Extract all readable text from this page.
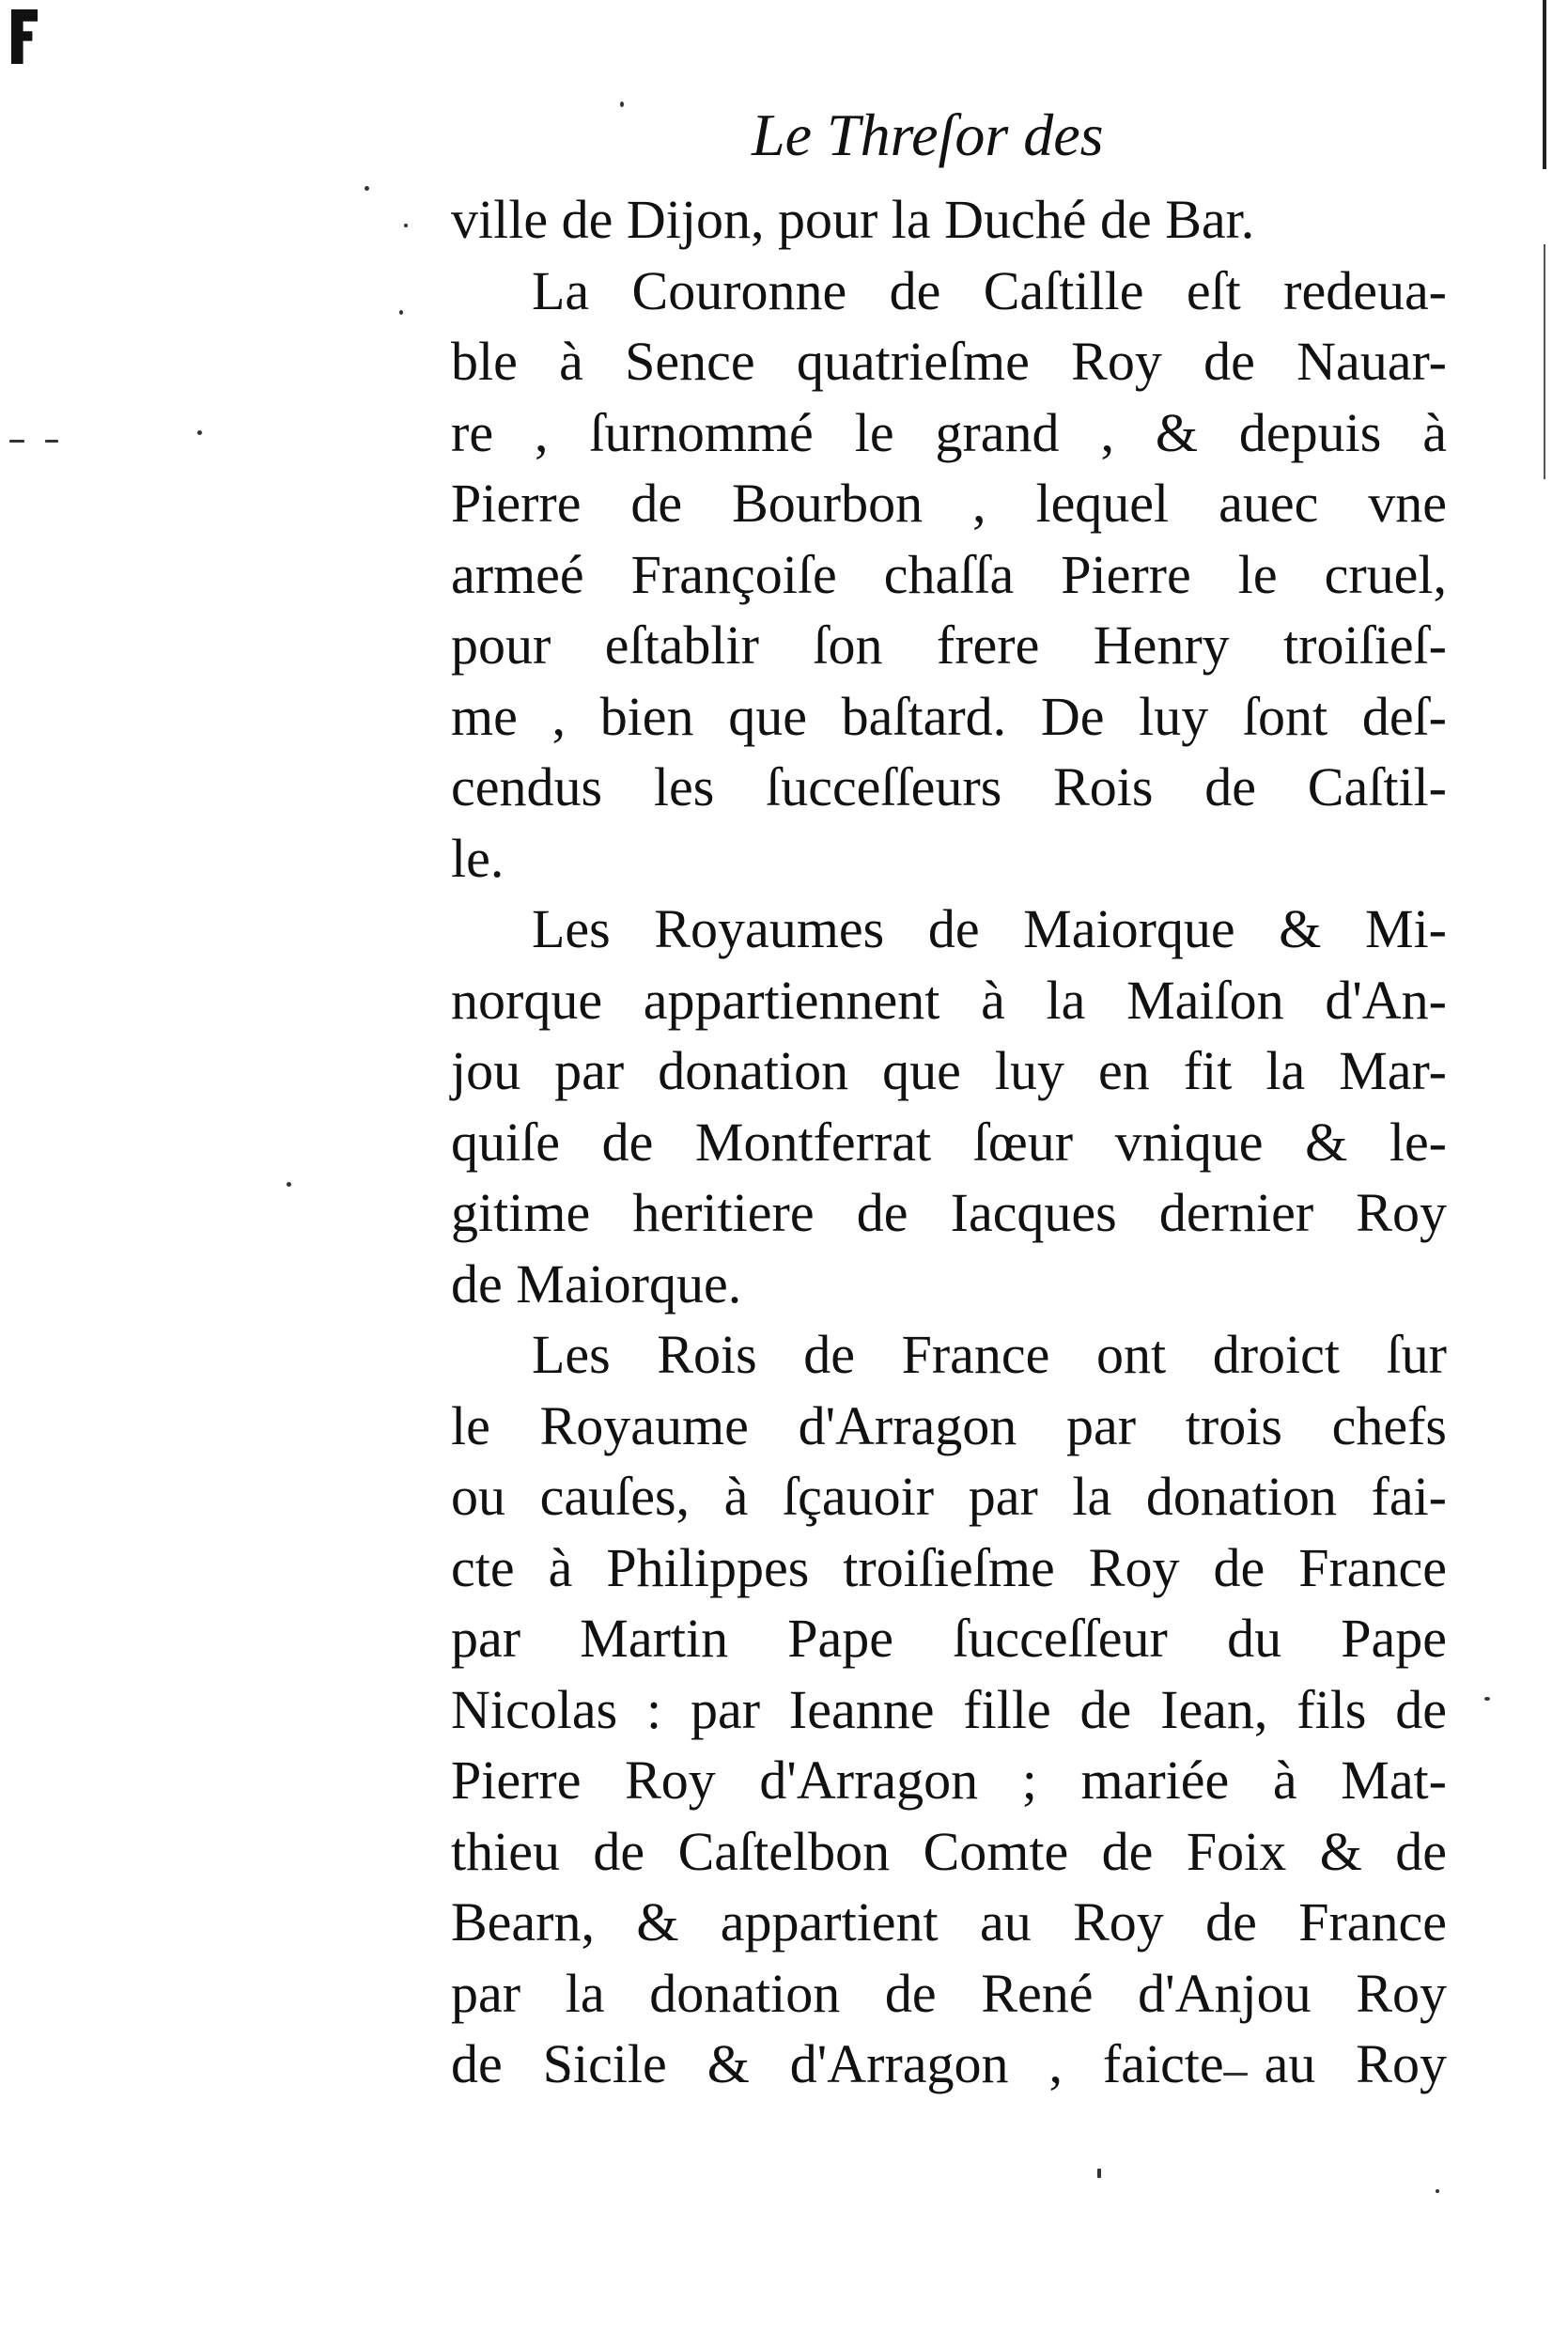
Le Threſor des
ville de Dijon, pour la Duché de Bar.
La Couronne de Caſtille eſt redeua-
ble à Sence quatrieſme Roy de Nauar-
re , ſurnommé le grand , & depuis à
Pierre de Bourbon , lequel auec vne
armeé Françoiſe chaſſa Pierre le cruel,
pour eſtablir ſon frere Henry troiſieſ-
me , bien que baſtard. De luy ſont deſ-
cendus les ſucceſſeurs Rois de Caſtil-
le.
Les Royaumes de Maiorque & Mi-
norque appartiennent à la Maiſon d'An-
jou par donation que luy en fit la Mar-
quiſe de Montferrat ſœur vnique & le-
gitime heritiere de Iacques dernier Roy
de Maiorque.
Les Rois de France ont droict ſur
le Royaume d'Arragon par trois chefs
ou cauſes, à ſçauoir par la donation fai-
cte à Philippes troiſieſme Roy de France
par Martin Pape ſucceſſeur du Pape
Nicolas : par Ieanne fille de Iean, fils de
Pierre Roy d'Arragon ; mariée à Mat-
thieu de Caſtelbon Comte de Foix & de
Bearn, & appartient au Roy de France
par la donation de René d'Anjou Roy
de Sicile & d'Arragon , faicte au Roy
